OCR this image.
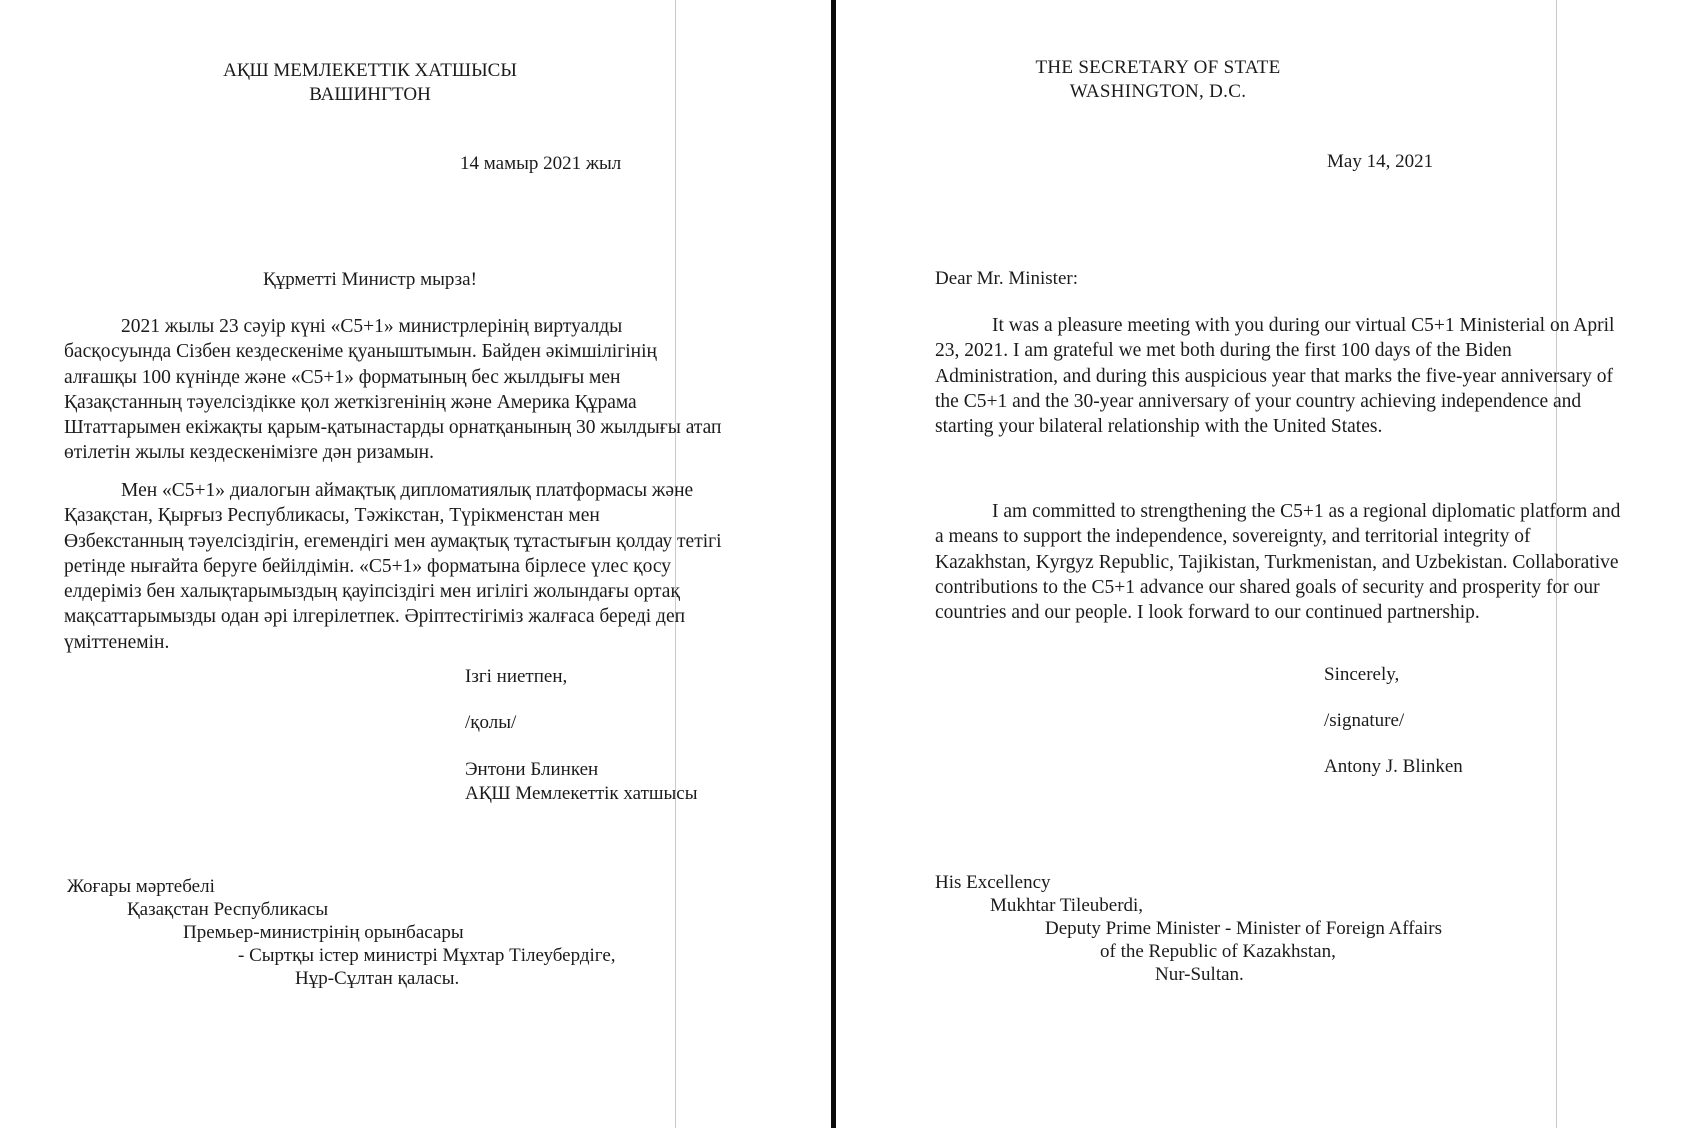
АҚШ МЕМЛЕКЕТТІК ХАТШЫСЫ
ВАШИНГТОН
14 мамыр 2021 жыл
Құрметті Министр мырза!

2021 жылы 23 сәуір күні «С5+1» министрлерінің виртуалды басқосуында Сізбен кездескеніме қуаныштымын. Байден әкімшілігінің алғашқы 100 күнінде және «С5+1» форматының бес жылдығы мен Қазақстанның тәуелсіздікке қол жеткізгенінің және Америка Құрама Штаттарымен екіжақты қарым-қатынастарды орнатқанының 30 жылдығы атап өтілетін жылы кездескенімізге дән ризамын.

Мен «С5+1» диалогын аймақтық дипломатиялық платформасы және Қазақстан, Қырғыз Республикасы, Тәжікстан, Түрікменстан мен Өзбекстанның тәуелсіздігін, егемендігі мен аумақтық тұтастығын қолдау тетігі ретінде нығайта беруге бейілдімін. «С5+1» форматына бірлесе үлес қосу елдеріміз бен халықтарымыздың қауіпсіздігі мен игілігі жолындағы ортақ мақсаттарымызды одан әрі ілгерілетпек. Әріптестігіміз жалғаса береді деп үміттенемін.

Ізгі ниетпен,
/қолы/
Энтони Блинкен
АҚШ Мемлекеттік хатшысы
Жоғары мәртебелі
Қазақстан Республикасы
Премьер-министрінің орынбасары
- Сыртқы істер министрі Мұхтар Тілеубердіге,
Нұр-Сұлтан қаласы.
THE SECRETARY OF STATE
WASHINGTON, D.C.
May 14, 2021
Dear Mr. Minister:

It was a pleasure meeting with you during our virtual C5+1 Ministerial on April 23, 2021. I am grateful we met both during the first 100 days of the Biden Administration, and during this auspicious year that marks the five-year anniversary of the C5+1 and the 30-year anniversary of your country achieving independence and starting your bilateral relationship with the United States.

I am committed to strengthening the C5+1 as a regional diplomatic platform and a means to support the independence, sovereignty, and territorial integrity of Kazakhstan, Kyrgyz Republic, Tajikistan, Turkmenistan, and Uzbekistan. Collaborative contributions to the C5+1 advance our shared goals of security and prosperity for our countries and our people. I look forward to our continued partnership.

Sincerely,
/signature/
Antony J. Blinken
His Excellency
Mukhtar Tileuberdi,
Deputy Prime Minister - Minister of Foreign Affairs
of the Republic of Kazakhstan,
Nur-Sultan.
